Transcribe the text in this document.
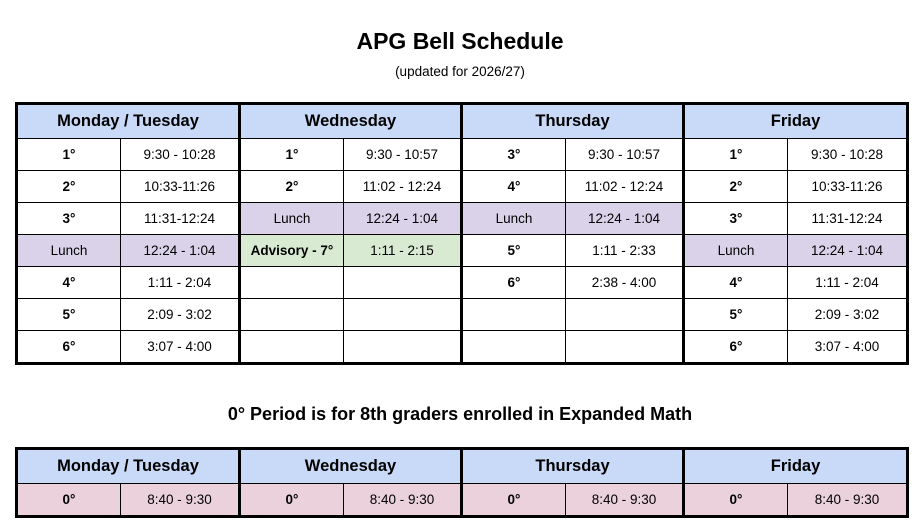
APG Bell Schedule
(updated for 2026/27)
Monday / Tuesday		Wednesday		Thursday		Friday	
1°	9:30 - 10:28	1°	9:30 - 10:57	3°	9:30 - 10:57	1°	9:30 - 10:28
2°	10:33-11:26	2°	11:02 - 12:24	4°	11:02 - 12:24	2°	10:33-11:26
3°	11:31-12:24	Lunch	12:24 - 1:04	Lunch	12:24 - 1:04	3°	11:31-12:24
Lunch	12:24 - 1:04	Advisory - 7°	1:11 - 2:15	5°	1:11 - 2:33	Lunch	12:24 - 1:04
4°	1:11 - 2:04			6°	2:38 - 4:00	4°	1:11 - 2:04
5°	2:09 - 3:02					5°	2:09 - 3:02
6°	3:07 - 4:00					6°	3:07 - 4:00
0° Period is for 8th graders enrolled in Expanded Math
Monday / Tuesday		Wednesday		Thursday		Friday	
0°	8:40 - 9:30	0°	8:40 - 9:30	0°	8:40 - 9:30	0°	8:40 - 9:30
